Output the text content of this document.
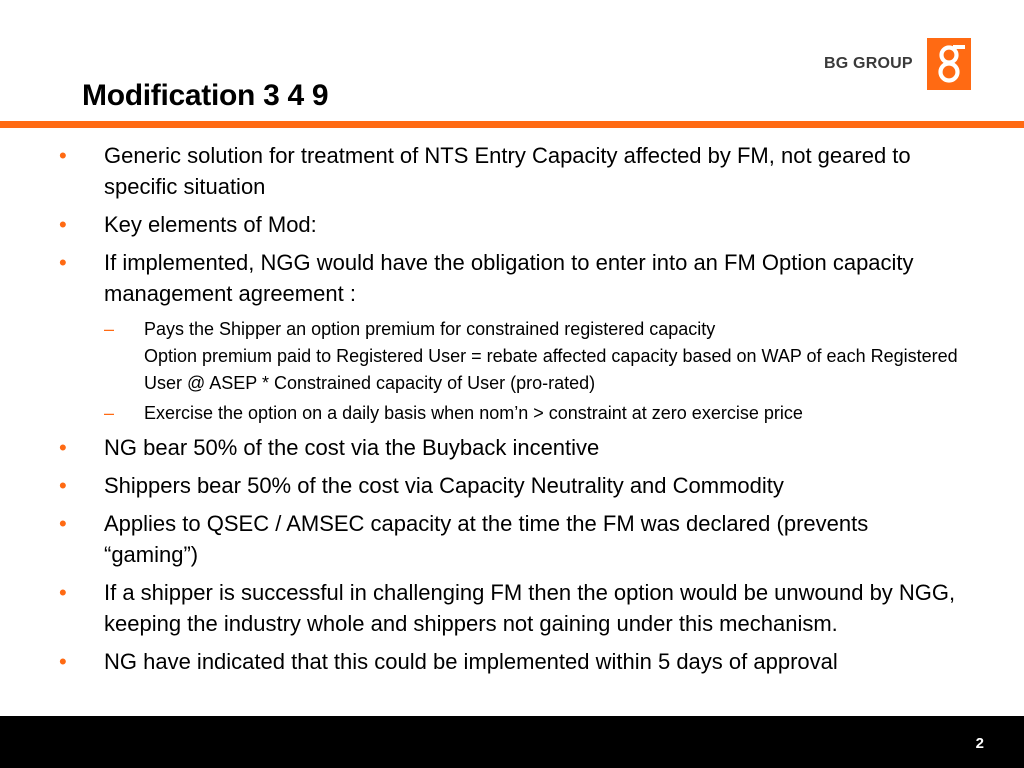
Modification 3 4 9
BG GROUP
• Generic solution for treatment of NTS Entry Capacity affected by FM, not geared to specific situation
• Key elements of Mod:
• If implemented, NGG would have the obligation to enter into an FM Option capacity management agreement :
– Pays the Shipper an option premium for constrained registered capacity
Option premium paid to Registered User = rebate affected capacity based on WAP of each Registered User @ ASEP * Constrained capacity of User (pro-rated)
– Exercise the option on a daily basis when nom’n > constraint at zero exercise price
• NG bear 50% of the cost via the Buyback incentive
• Shippers bear 50% of the cost via Capacity Neutrality and Commodity
• Applies to QSEC / AMSEC capacity at the time the FM was declared (prevents “gaming”)
• If a shipper is successful in challenging FM then the option would be unwound by NGG, keeping the industry whole and shippers not gaining under this mechanism.
• NG have indicated that this could be implemented within 5 days of approval
2
